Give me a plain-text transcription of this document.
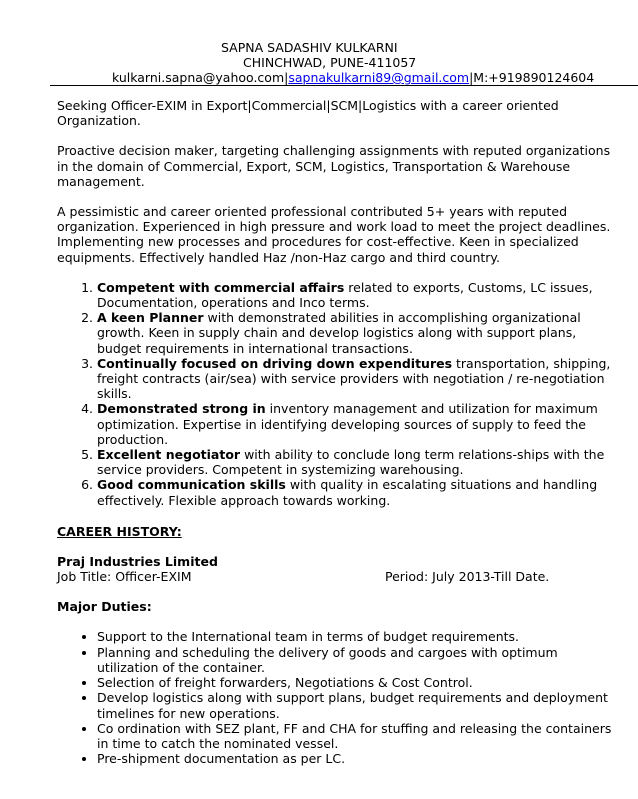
SAPNA SADASHIV KULKARNI
CHINCHWAD, PUNE-411057
kulkarni.sapna@yahoo.com|sapnakulkarni89@gmail.com|M:+919890124604

Seeking Officer-EXIM in Export|Commercial|SCM|Logistics with a career oriented Organization.

Proactive decision maker, targeting challenging assignments with reputed organizations in the domain of Commercial, Export, SCM, Logistics, Transportation & Warehouse management.

A pessimistic and career oriented professional contributed 5+ years with reputed organization. Experienced in high pressure and work load to meet the project deadlines. Implementing new processes and procedures for cost-effective. Keen in specialized equipments. Effectively handled Haz /non-Haz cargo and third country.

1. Competent with commercial affairs related to exports, Customs, LC issues, Documentation, operations and Inco terms.
2. A keen Planner with demonstrated abilities in accomplishing organizational growth. Keen in supply chain and develop logistics along with support plans, budget requirements in international transactions.
3. Continually focused on driving down expenditures transportation, shipping, freight contracts (air/sea) with service providers with negotiation / re-negotiation skills.
4. Demonstrated strong in inventory management and utilization for maximum optimization. Expertise in identifying developing sources of supply to feed the production.
5. Excellent negotiator with ability to conclude long term relations-ships with the service providers. Competent in systemizing warehousing.
6. Good communication skills with quality in escalating situations and handling effectively. Flexible approach towards working.
CAREER HISTORY:
Praj Industries Limited
Job Title: Officer-EXIM	Period: July 2013-Till Date.
Major Duties:
• Support to the International team in terms of budget requirements.
• Planning and scheduling the delivery of goods and cargoes with optimum utilization of the container.
• Selection of freight forwarders, Negotiations & Cost Control.
• Develop logistics along with support plans, budget requirements and deployment timelines for new operations.
• Co ordination with SEZ plant, FF and CHA for stuffing and releasing the containers in time to catch the nominated vessel.
• Pre-shipment documentation as per LC.
